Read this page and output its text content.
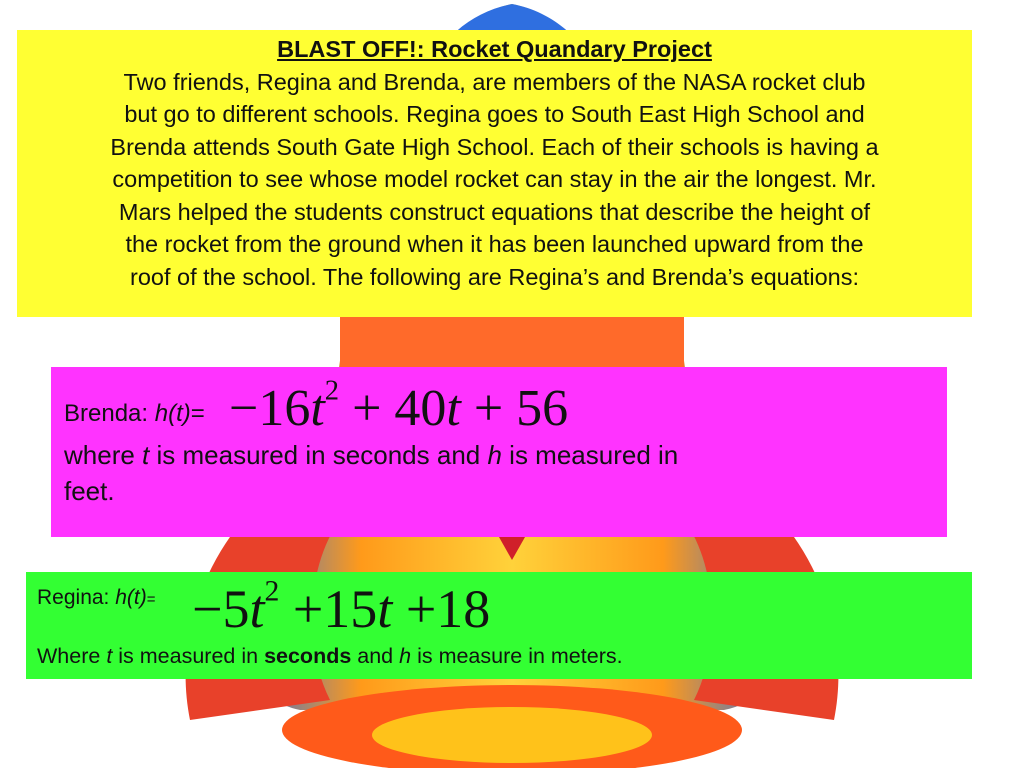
BLAST OFF!: Rocket Quandary Project
Two friends, Regina and Brenda, are members of the NASA rocket club
but go to different schools. Regina goes to South East High School and
Brenda attends South Gate High School. Each of their schools is having a
competition to see whose model rocket can stay in the air the longest. Mr.
Mars helped the students construct equations that describe the height of
the rocket from the ground when it has been launched upward from the
roof of the school. The following are Regina’s and Brenda’s equations:
Brenda: $h(t)= -16t^2 + 40t + 56$
where t is measured in seconds and h is measured in
feet.
Regina: $h(t)= -5t^2 +15t +18$
Where t is measured in seconds and h is measure in meters.
